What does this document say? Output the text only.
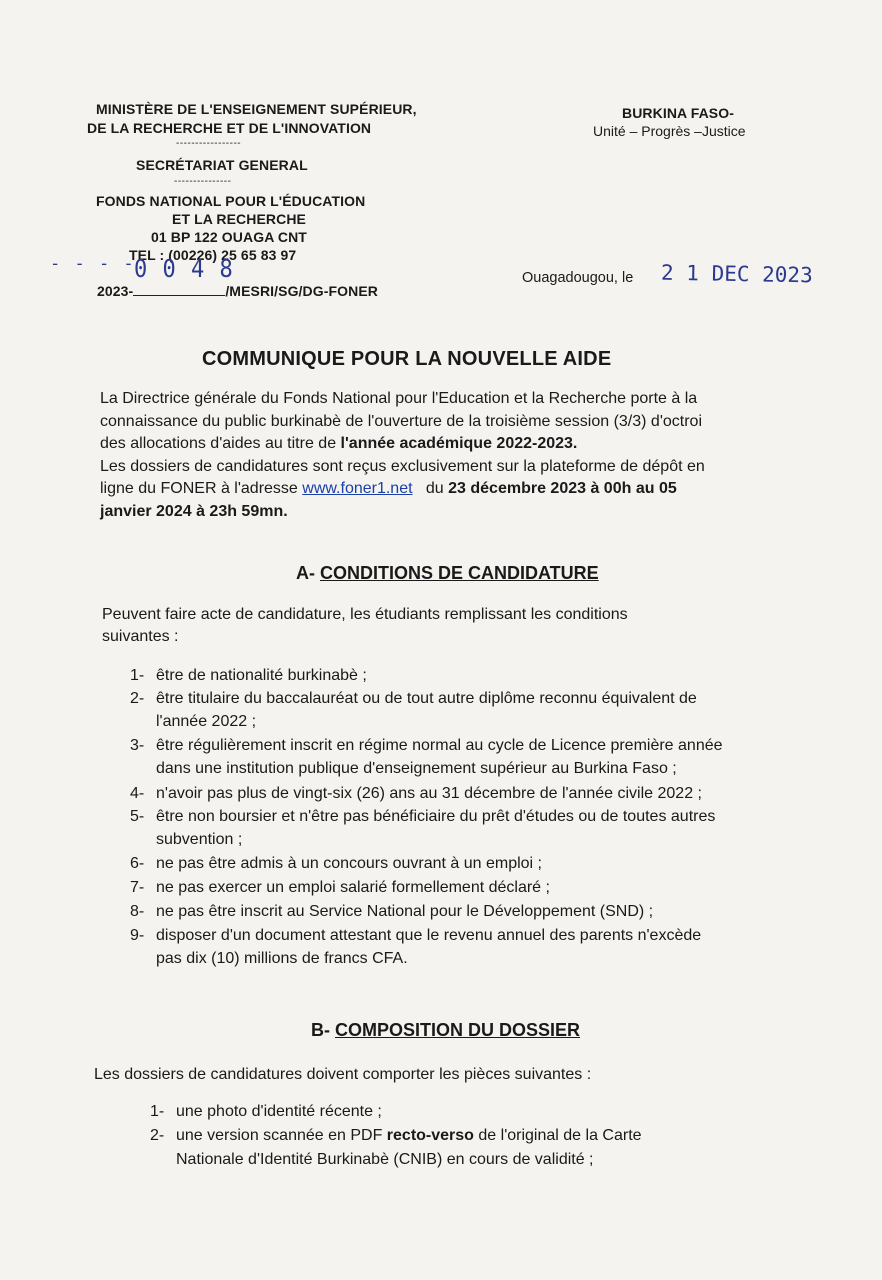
MINISTÈRE DE L'ENSEIGNEMENT SUPÉRIEUR,
DE LA RECHERCHE ET DE L'INNOVATION
-----------------
SECRÉTARIAT GENERAL
---------------
FONDS NATIONAL POUR L'ÉDUCATION
ET LA RECHERCHE
01 BP 122 OUAGA CNT
TEL : (00226) 25 65 83 97
- - - -
0 0 4 8
2023-	/MESRI/SG/DG-FONER
BURKINA FASO-
Unité – Progrès –Justice
Ouagadougou, le 2 1 DEC 2023
COMMUNIQUE POUR LA NOUVELLE AIDE
La Directrice générale du Fonds National pour l'Education et la Recherche porte à la
connaissance du public burkinabè de l'ouverture de la troisième session (3/3) d'octroi
des allocations d'aides au titre de l'année académique 2022-2023.
Les dossiers de candidatures sont reçus exclusivement sur la plateforme de dépôt en
ligne du FONER à l'adresse www.foner1.net du 23 décembre 2023 à 00h au 05
janvier 2024 à 23h 59mn.
A- CONDITIONS DE CANDIDATURE
Peuvent faire acte de candidature, les étudiants remplissant les conditions
suivantes :
1- être de nationalité burkinabè ;
2- être titulaire du baccalauréat ou de tout autre diplôme reconnu équivalent de
l'année 2022 ;
3- être régulièrement inscrit en régime normal au cycle de Licence première année
dans une institution publique d'enseignement supérieur au Burkina Faso ;
4- n'avoir pas plus de vingt-six (26) ans au 31 décembre de l'année civile 2022 ;
5- être non boursier et n'être pas bénéficiaire du prêt d'études ou de toutes autres
subvention ;
6- ne pas être admis à un concours ouvrant à un emploi ;
7- ne pas exercer un emploi salarié formellement déclaré ;
8- ne pas être inscrit au Service National pour le Développement (SND) ;
9- disposer d'un document attestant que le revenu annuel des parents n'excède
pas dix (10) millions de francs CFA.
B- COMPOSITION DU DOSSIER
Les dossiers de candidatures doivent comporter les pièces suivantes :
1- une photo d'identité récente ;
2- une version scannée en PDF recto-verso de l'original de la Carte
Nationale d'Identité Burkinabè (CNIB) en cours de validité ;
